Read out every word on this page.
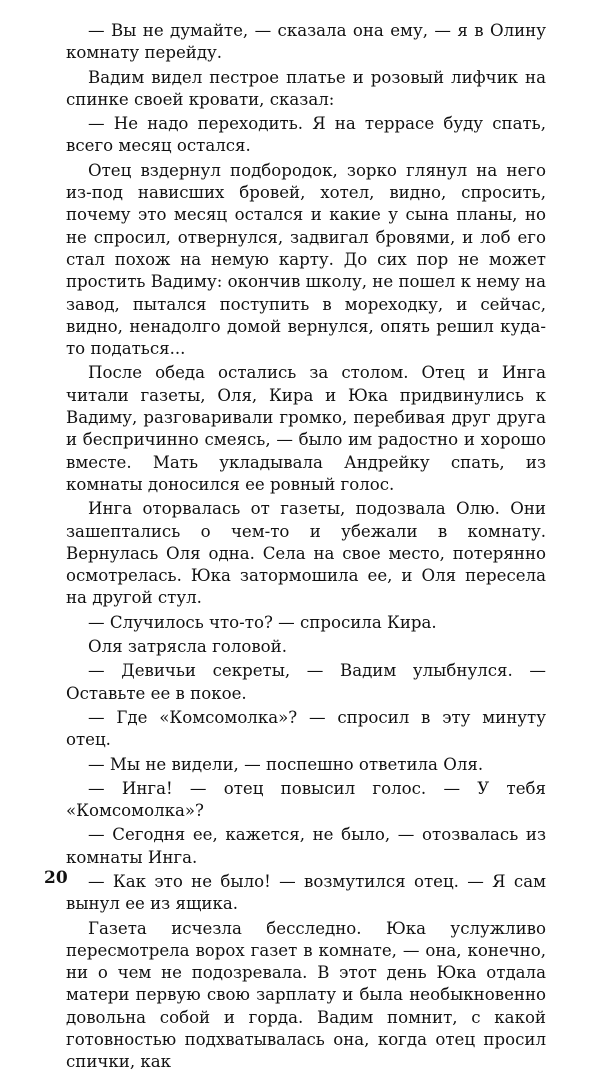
— Вы не думайте, — сказала она ему, — я в Олину комнату перейду.

Вадим видел пестрое платье и розовый лифчик на спинке своей кровати, сказал:

— Не надо переходить. Я на террасе буду спать, всего месяц остался.

Отец вздернул подбородок, зорко глянул на него из-под нависших бровей, хотел, видно, спросить, почему это месяц остался и какие у сына планы, но не спросил, отвернулся, задвигал бровями, и лоб его стал похож на немую карту. До сих пор не может простить Вадиму: окончив школу, не пошел к нему на завод, пытался поступить в мореходку, и сейчас, видно, ненадолго домой вернулся, опять решил куда-то податься...

После обеда остались за столом. Отец и Инга читали газеты, Оля, Кира и Юка придвинулись к Вадиму, разговаривали громко, перебивая друг друга и беспричинно смеясь, — было им радостно и хорошо вместе. Мать укладывала Андрейку спать, из комнаты доносился ее ровный голос.

Инга оторвалась от газеты, подозвала Олю. Они зашептались о чем-то и убежали в комнату. Вернулась Оля одна. Села на свое место, потерянно осмотрелась. Юка затормошила ее, и Оля пересела на другой стул.

— Случилось что-то? — спросила Кира.

Оля затрясла головой.

— Девичьи секреты, — Вадим улыбнулся. — Оставьте ее в покое.

— Где «Комсомолка»? — спросил в эту минуту отец.

— Мы не видели, — поспешно ответила Оля.

— Инга! — отец повысил голос. — У тебя «Комсомолка»?

— Сегодня ее, кажется, не было, — отозвалась из комнаты Инга.

— Как это не было! — возмутился отец. — Я сам вынул ее из ящика.

Газета исчезла бесследно. Юка услужливо пересмотрела ворох газет в комнате, — она, конечно, ни о чем не подозревала. В этот день Юка отдала матери первую свою зарплату и была необыкновенно довольна собой и горда. Вадим помнит, с какой готовностью подхватывалась она, когда отец просил спички, как

20
